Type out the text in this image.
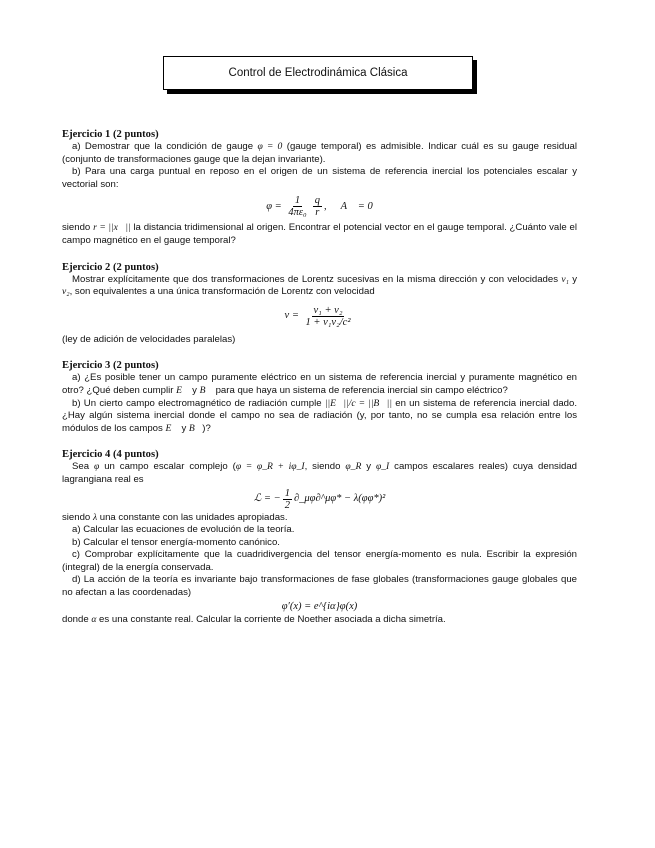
Control de Electrodinámica Clásica
Ejercicio 1 (2 puntos)

a) Demostrar que la condición de gauge φ = 0 (gauge temporal) es admisible. Indicar cuál es su gauge residual (conjunto de transformaciones gauge que la dejan invariante).

b) Para una carga puntual en reposo en el origen de un sistema de referencia inercial los potenciales escalar y vectorial son:

φ =
$\frac{1}{\text{4πε₀}} \frac{q}{r}$ , A⃗ = 0

siendo r = ||x⃗|| la distancia tridimensional al origen. Encontrar el potencial vector en el gauge temporal. ¿Cuánto vale el campo magnético en el gauge temporal?

Ejercicio 2 (2 puntos)

Mostrar explícitamente que dos transformaciones de Lorentz sucesivas en la misma dirección y con velocidades v₁ y v₂, son equivalentes a una única transformación de Lorentz con velocidad

v =
$\frac{\text{v₁ + v₂}}{\text{1 + v₁v₂/c²}}$

(ley de adición de velocidades paralelas)

Ejercicio 3 (2 puntos)

a) ¿Es posible tener un campo puramente eléctrico en un sistema de referencia inercial y puramente magnético en otro? ¿Qué deben cumplir E⃗ y B⃗ para que haya un sistema de referencia inercial sin campo eléctrico?

b) Un cierto campo electromagnético de radiación cumple ||E⃗||/c = ||B⃗|| en un sistema de referencia inercial dado. ¿Hay algún sistema inercial donde el campo no sea de radiación (y, por tanto, no se cumpla esa relación entre los módulos de los campos E⃗ y B⃗)?

Ejercicio 4 (4 puntos)

Sea φ un campo escalar complejo (φ = φ_R + iφ_I, siendo φ_R y φ_I campos escalares reales) cuya densidad lagrangiana real es

ℒ = − $\frac{1}{2}$ ∂_μφ∂^μφ* − λ(φφ*)²

siendo λ una constante con las unidades apropiadas.

a) Calcular las ecuaciones de evolución de la teoría.

b) Calcular el tensor energía-momento canónico.

c) Comprobar explícitamente que la cuadridivergencia del tensor energía-momento es nula. Escribir la expresión (integral) de la energía conservada.

d) La acción de la teoría es invariante bajo transformaciones de fase globales (transformaciones gauge globales que no afectan a las coordenadas)

φ′(x) = e^{iα}φ(x)

donde α es una constante real. Calcular la corriente de Noether asociada a dicha simetría.
